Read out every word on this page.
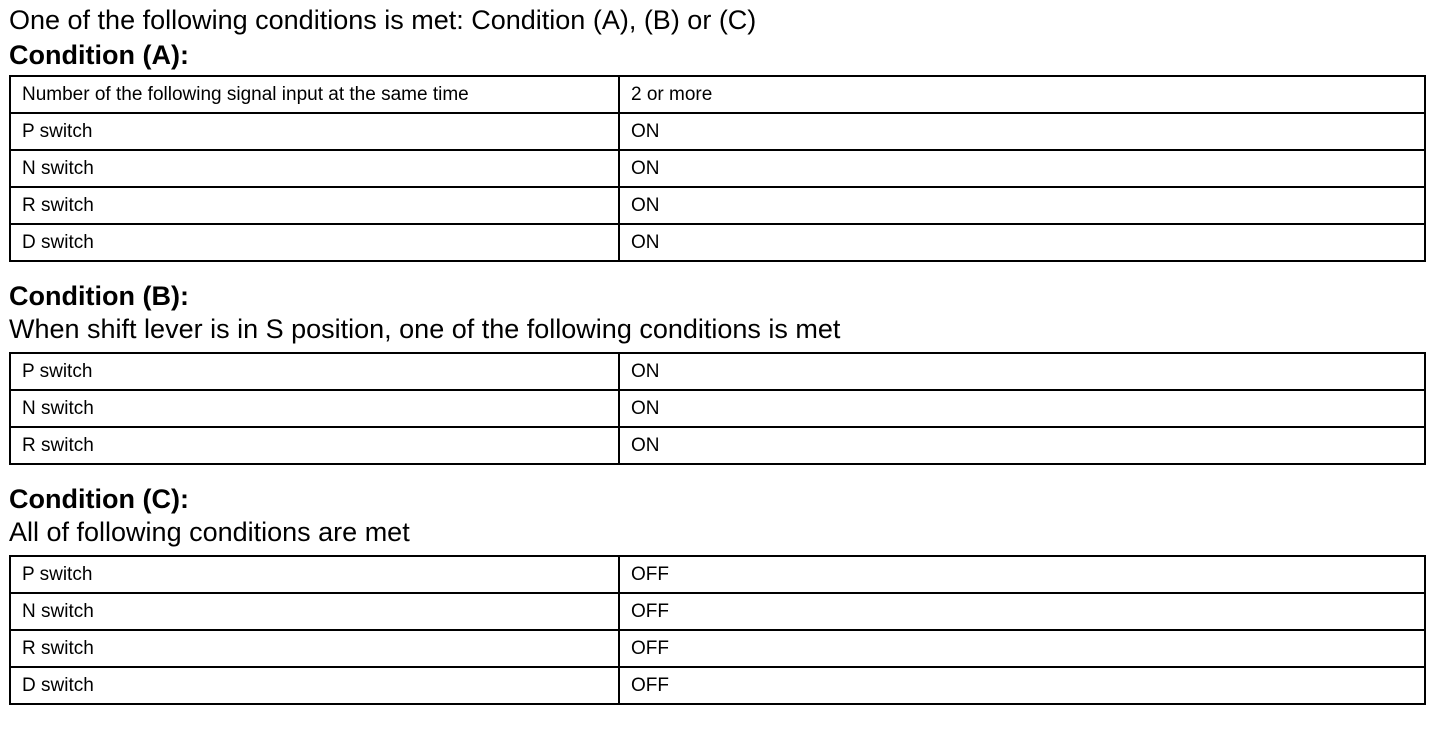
One of the following conditions is met: Condition (A), (B) or (C)

Condition (A):

Number of the following signal input at the same time	2 or more
P switch	ON
N switch	ON
R switch	ON
D switch	ON

Condition (B):

When shift lever is in S position, one of the following conditions is met

P switch	ON
N switch	ON
R switch	ON

Condition (C):

All of following conditions are met

P switch	OFF
N switch	OFF
R switch	OFF
D switch	OFF
